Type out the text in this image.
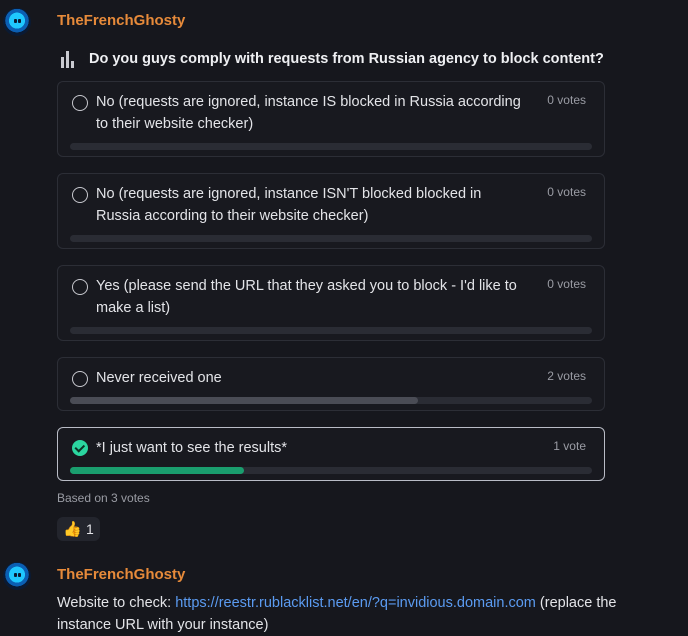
TheFrenchGhosty
Do you guys comply with requests from Russian agency to block content?
No (requests are ignored, instance IS blocked in Russia according to their website checker)
0 votes
No (requests are ignored, instance ISN'T blocked blocked in Russia according to their website checker)
0 votes
Yes (please send the URL that they asked you to block - I'd like to make a list)
0 votes
Never received one	2 votes
*I just want to see the results*	1 vote
Based on 3 votes
👍 1
TheFrenchGhosty
Website to check: https://reestr.rublacklist.net/en/?q=invidious.domain.com (replace the instance URL with your instance)
